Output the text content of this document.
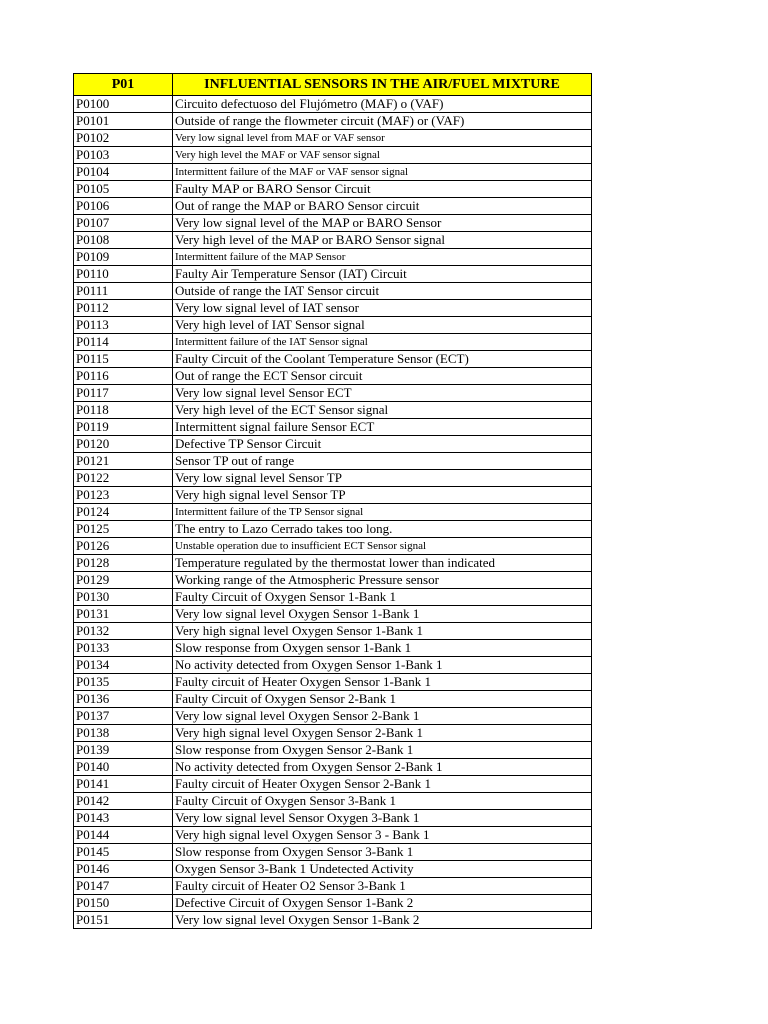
P01	INFLUENTIAL SENSORS IN THE AIR/FUEL MIXTURE
P0100	Circuito defectuoso del Flujómetro (MAF) o (VAF)
P0101	Outside of range the flowmeter circuit (MAF) or (VAF)
P0102	Very low signal level from MAF or VAF sensor
P0103	Very high level the MAF or VAF sensor signal
P0104	Intermittent failure of the MAF or VAF sensor signal
P0105	Faulty MAP or BARO Sensor Circuit
P0106	Out of range the MAP or BARO Sensor circuit
P0107	Very low signal level of the MAP or BARO Sensor
P0108	Very high level of the MAP or BARO Sensor signal
P0109	Intermittent failure of the MAP Sensor
P0110	Faulty Air Temperature Sensor (IAT) Circuit
P0111	Outside of range the IAT Sensor circuit
P0112	Very low signal level of IAT sensor
P0113	Very high level of IAT Sensor signal
P0114	Intermittent failure of the IAT Sensor signal
P0115	Faulty Circuit of the Coolant Temperature Sensor (ECT)
P0116	Out of range the ECT Sensor circuit
P0117	Very low signal level Sensor ECT
P0118	Very high level of the ECT Sensor signal
P0119	Intermittent signal failure Sensor ECT
P0120	Defective TP Sensor Circuit
P0121	Sensor TP out of range
P0122	Very low signal level Sensor TP
P0123	Very high signal level Sensor TP
P0124	Intermittent failure of the TP Sensor signal
P0125	The entry to Lazo Cerrado takes too long.
P0126	Unstable operation due to insufficient ECT Sensor signal
P0128	Temperature regulated by the thermostat lower than indicated
P0129	Working range of the Atmospheric Pressure sensor
P0130	Faulty Circuit of Oxygen Sensor 1-Bank 1
P0131	Very low signal level Oxygen Sensor 1-Bank 1
P0132	Very high signal level Oxygen Sensor 1-Bank 1
P0133	Slow response from Oxygen sensor 1-Bank 1
P0134	No activity detected from Oxygen Sensor 1-Bank 1
P0135	Faulty circuit of Heater Oxygen Sensor 1-Bank 1
P0136	Faulty Circuit of Oxygen Sensor 2-Bank 1
P0137	Very low signal level Oxygen Sensor 2-Bank 1
P0138	Very high signal level Oxygen Sensor 2-Bank 1
P0139	Slow response from Oxygen Sensor 2-Bank 1
P0140	No activity detected from Oxygen Sensor 2-Bank 1
P0141	Faulty circuit of Heater Oxygen Sensor 2-Bank 1
P0142	Faulty Circuit of Oxygen Sensor 3-Bank 1
P0143	Very low signal level Sensor Oxygen 3-Bank 1
P0144	Very high signal level Oxygen Sensor 3 - Bank 1
P0145	Slow response from Oxygen Sensor 3-Bank 1
P0146	Oxygen Sensor 3-Bank 1 Undetected Activity
P0147	Faulty circuit of Heater O2 Sensor 3-Bank 1
P0150	Defective Circuit of Oxygen Sensor 1-Bank 2
P0151	Very low signal level Oxygen Sensor 1-Bank 2
